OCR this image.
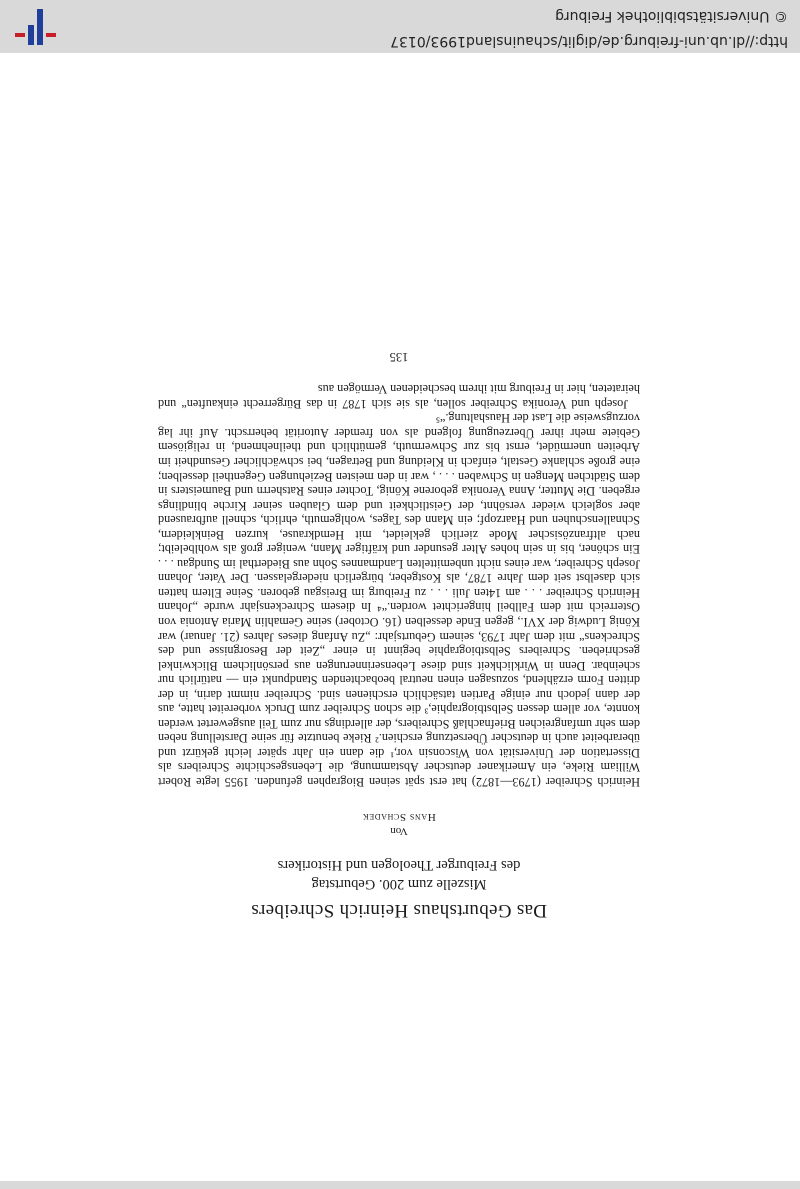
Das Geburtshaus Heinrich Schreibers
Miszelle zum 200. Geburtstag
des Freiburger Theologen und Historikers
Von
Hans Schadek

Heinrich Schreiber (1793—1872) hat erst spät seinen Biographen gefunden. 1955 legte Robert William Rieke, ein Amerikaner deutscher Abstammung, die Lebensgeschichte Schreibers als Dissertation der Universität von Wisconsin vor,¹ die dann ein Jahr später leicht gekürzt und überarbeitet auch in deutscher Übersetzung erschien.² Rieke benutzte für seine Darstellung neben dem sehr umfangreichen Briefnachlaß Schreibers, der allerdings nur zum Teil ausgewertet werden konnte, vor allem dessen Selbstbiographie,³ die schon Schreiber zum Druck vorbereitet hatte, aus der dann jedoch nur einige Partien tatsächlich erschienen sind. Schreiber nimmt darin, in der dritten Form erzählend, sozusagen einen neutral beobachtenden Standpunkt ein — natürlich nur scheinbar. Denn in Wirklichkeit sind diese Lebenserinnerungen aus persönlichem Blickwinkel geschrieben. Schreibers Selbstbiographie beginnt in einer „Zeit der Besorgnisse und des Schreckens“ mit dem Jahr 1793, seinem Geburtsjahr: „Zu Anfang dieses Jahres (21. Januar) war König Ludwig der XVI., gegen Ende desselben (16. October) seine Gemahlin Maria Antonia von Osterreich mit dem Fallbeil hingerichtet worden.“⁴ In diesem Schreckensjahr wurde „Johann Heinrich Schreiber . . . am 14ten Juli . . . zu Freiburg im Breisgau geboren. Seine Eltern hatten sich daselbst seit dem Jahre 1787, als Kostgeber, bürgerlich niedergelassen. Der Vater, Johann Joseph Schreiber, war eines nicht unbemittelten Landmannes Sohn aus Biederthal im Sundgau . . . Ein schöner, bis in sein hohes Alter gesunder und kräftiger Mann, weniger groß als wohlbeleibt; nach altfranzösischer Mode zierlich gekleidet, mit Hemdkrause, kurzen Beinkleidern, Schnallenschuhen und Haarzopf; ein Mann des Tages, wohlgemuth, ehrlich, schnell aufbrausend aber sogleich wieder versöhnt, der Geistlichkeit und dem Glauben seiner Kirche blindlings ergeben. Die Mutter, Anna Veronika geborene König, Tochter eines Ratsherrn und Baumeisters in dem Städtchen Mengen in Schwaben . . . , war in den meisten Beziehungen Gegentheil desselben; eine große schlanke Gestalt, einfach in Kleidung und Betragen, bei schwächlicher Gesundheit im Arbeiten unermüdet, ernst bis zur Schwermuth, gemüthlich und theilnehmend, in religiösem Gebiete mehr ihrer Überzeugung folgend als von fremder Autorität beherrscht. Auf ihr lag vorzugsweise die Last der Haushaltung.“⁵

Joseph und Veronika Schreiber sollen, als sie sich 1787 in das Bürgerrecht einkauften“ und heirateten, hier in Freiburg mit ihrem bescheidenen Vermögen aus

135
http://dl.ub.uni-freiburg.de/diglit/schauinsland1993/0137
© Universitätsbibliothek Freiburg
